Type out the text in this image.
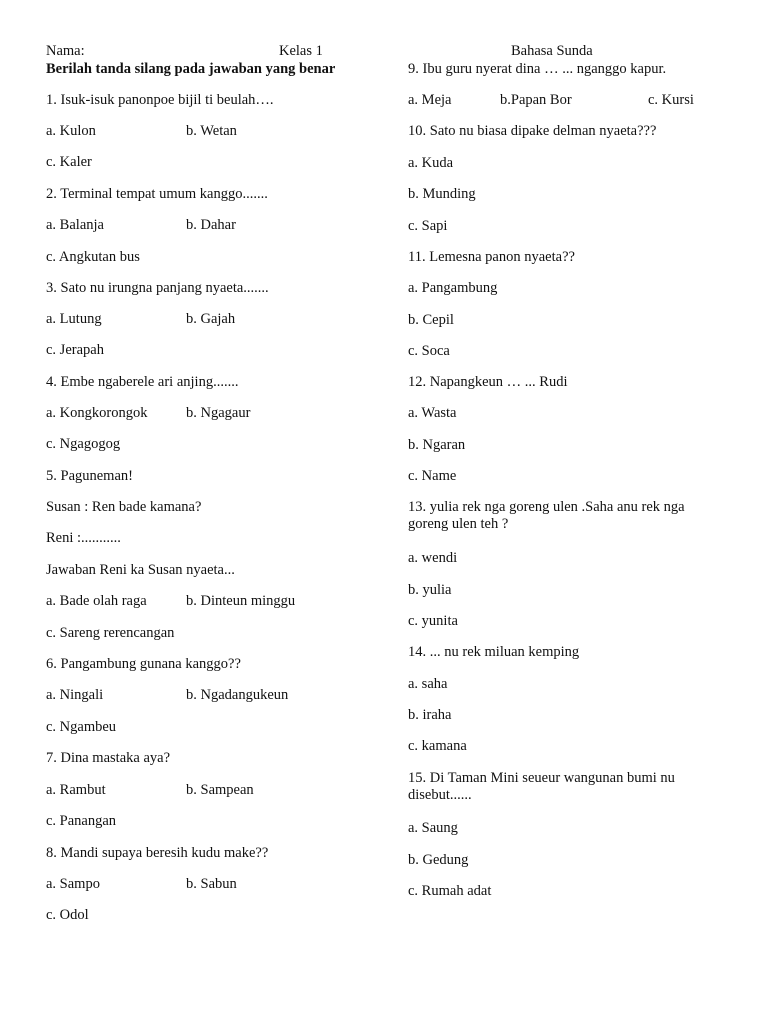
Nama:	Kelas 1	Bahasa Sunda
Berilah tanda silang pada jawaban yang benar
1. Isuk-isuk panonpoe bijil ti beulah….
a. Kulon	b. Wetan
c. Kaler
2. Terminal tempat umum kanggo.......
a. Balanja	b. Dahar
c. Angkutan bus
3. Sato nu irungna panjang nyaeta.......
a. Lutung	b. Gajah
c. Jerapah
4. Embe ngaberele ari anjing.......
a. Kongkorongok	b. Ngagaur
c. Ngagogog
5. Paguneman!
Susan : Ren bade kamana?
Reni :...........
Jawaban Reni ka Susan nyaeta...
a. Bade olah raga	b. Dinteun minggu
c. Sareng rerencangan
6. Pangambung gunana kanggo??
a. Ningali	b. Ngadangukeun
c. Ngambeu
7. Dina mastaka aya?
a. Rambut	b. Sampean
c. Panangan
8. Mandi supaya beresih kudu make??
a. Sampo	b. Sabun
c. Odol
9. Ibu guru nyerat dina … ... nganggo kapur.
a. Meja	b.Papan Bor	c. Kursi
10. Sato nu biasa dipake delman nyaeta???
a. Kuda
b. Munding
c. Sapi
11. Lemesna panon nyaeta??
a. Pangambung
b. Cepil
c. Soca
12. Napangkeun … ... Rudi
a. Wasta
b. Ngaran
c. Name
13. yulia rek nga goreng ulen .Saha anu rek nga goreng ulen teh ?
a. wendi
b. yulia
c. yunita
14. ... nu rek miluan kemping
a. saha
b. iraha
c. kamana
15. Di Taman Mini seueur wangunan bumi nu disebut......
a. Saung
b. Gedung
c. Rumah adat
